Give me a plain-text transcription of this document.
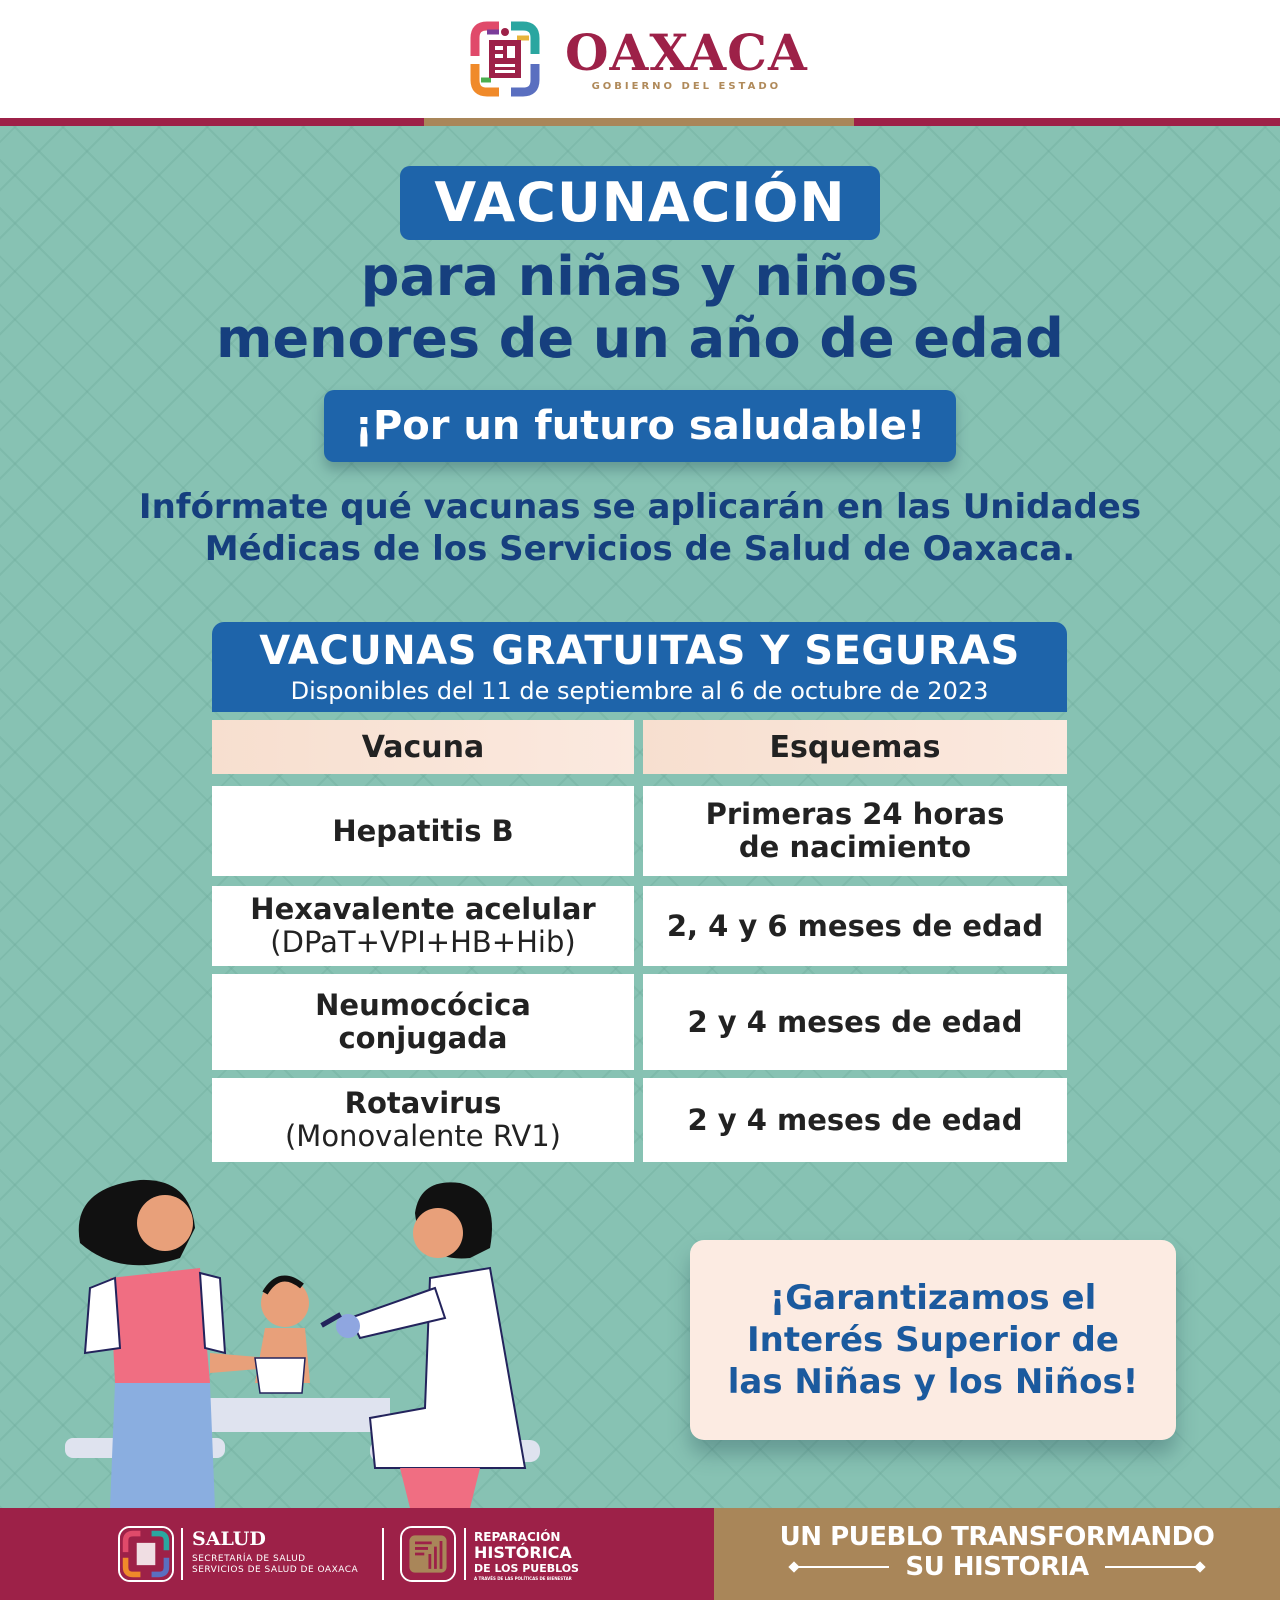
OAXACA
GOBIERNO DEL ESTADO
VACUNACIÓN
para niñas y niños
menores de un año de edad
¡Por un futuro saludable!
Infórmate qué vacunas se aplicarán en las Unidades
Médicas de los Servicios de Salud de Oaxaca.
VACUNAS GRATUITAS Y SEGURAS
Disponibles del 11 de septiembre al 6 de octubre de 2023
Vacuna	Esquemas
Hepatitis B	Primeras 24 horas de nacimiento
Hexavalente acelular
(DPaT+VPI+HB+Hib)	2, 4 y 6 meses de edad
Neumocócica
conjugada	2 y 4 meses de edad
Rotavirus
(Monovalente RV1)	2 y 4 meses de edad
¡Garantizamos el
Interés Superior de
las Niñas y los Niños!
SALUD
SECRETARÍA DE SALUD
SERVICIOS DE SALUD DE OAXACA
REPARACIÓN
HISTÓRICA
DE LOS PUEBLOS
A TRAVÉS DE LAS POLÍTICAS DE BIENESTAR
UN PUEBLO TRANSFORMANDO
SU HISTORIA
